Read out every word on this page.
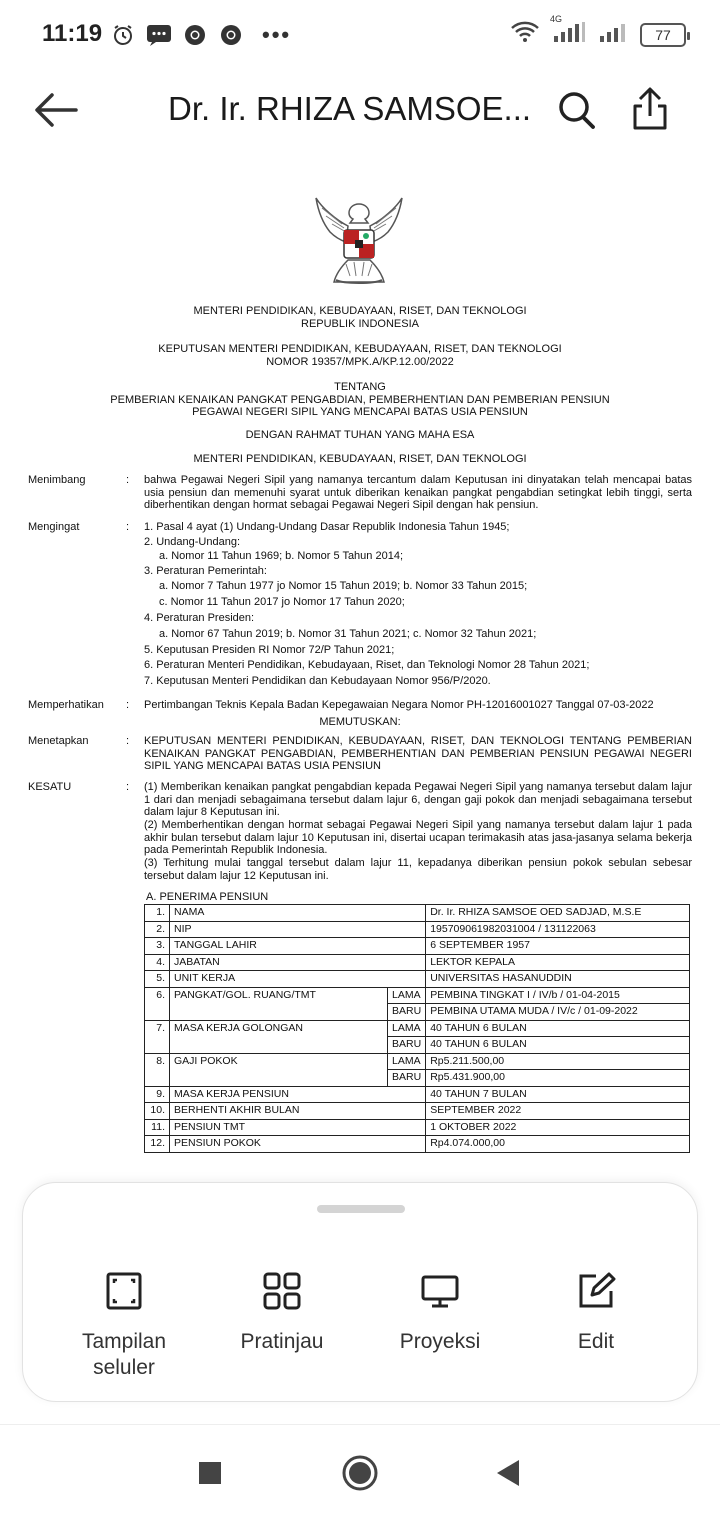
11:19	•••
4G
77
Dr. Ir. RHIZA SAMSOE...
MENTERI PENDIDIKAN, KEBUDAYAAN, RISET, DAN TEKNOLOGI
REPUBLIK INDONESIA
KEPUTUSAN MENTERI PENDIDIKAN, KEBUDAYAAN, RISET, DAN TEKNOLOGI
NOMOR 19357/MPK.A/KP.12.00/2022
TENTANG
PEMBERIAN KENAIKAN PANGKAT PENGABDIAN, PEMBERHENTIAN DAN PEMBERIAN PENSIUN
PEGAWAI NEGERI SIPIL YANG MENCAPAI BATAS USIA PENSIUN
DENGAN RAHMAT TUHAN YANG MAHA ESA
MENTERI PENDIDIKAN, KEBUDAYAAN, RISET, DAN TEKNOLOGI
Menimbang	: bahwa Pegawai Negeri Sipil yang namanya tercantum dalam Keputusan ini dinyatakan telah mencapai batas usia pensiun dan memenuhi syarat untuk diberikan kenaikan pangkat pengabdian setingkat lebih tinggi, serta diberhentikan dengan hormat sebagai Pegawai Negeri Sipil dengan hak pensiun.
Mengingat	: 1. Pasal 4 ayat (1) Undang-Undang Dasar Republik Indonesia Tahun 1945;
2. Undang-Undang:
a. Nomor 11 Tahun 1969; b. Nomor 5 Tahun 2014;
3. Peraturan Pemerintah:
a. Nomor 7 Tahun 1977 jo Nomor 15 Tahun 2019; b. Nomor 33 Tahun 2015;
c. Nomor 11 Tahun 2017 jo Nomor 17 Tahun 2020;
4. Peraturan Presiden:
a. Nomor 67 Tahun 2019; b. Nomor 31 Tahun 2021; c. Nomor 32 Tahun 2021;
5. Keputusan Presiden RI Nomor 72/P Tahun 2021;
6. Peraturan Menteri Pendidikan, Kebudayaan, Riset, dan Teknologi Nomor 28 Tahun 2021;
7. Keputusan Menteri Pendidikan dan Kebudayaan Nomor 956/P/2020.
Memperhatikan	: Pertimbangan Teknis Kepala Badan Kepegawaian Negara Nomor PH-12016001027 Tanggal 07-03-2022
MEMUTUSKAN:
Menetapkan	: KEPUTUSAN MENTERI PENDIDIKAN, KEBUDAYAAN, RISET, DAN TEKNOLOGI TENTANG PEMBERIAN KENAIKAN PANGKAT PENGABDIAN, PEMBERHENTIAN DAN PEMBERIAN PENSIUN PEGAWAI NEGERI SIPIL YANG MENCAPAI BATAS USIA PENSIUN
KESATU	: (1) Memberikan kenaikan pangkat pengabdian kepada Pegawai Negeri Sipil yang namanya tersebut dalam lajur 1 dari dan menjadi sebagaimana tersebut dalam lajur 6, dengan gaji pokok dan menjadi sebagaimana tersebut dalam lajur 8 Keputusan ini.
(2) Memberhentikan dengan hormat sebagai Pegawai Negeri Sipil yang namanya tersebut dalam lajur 1 pada akhir bulan tersebut dalam lajur 10 Keputusan ini, disertai ucapan terimakasih atas jasa-jasanya selama bekerja pada Pemerintah Republik Indonesia.
(3) Terhitung mulai tanggal tersebut dalam lajur 11, kepadanya diberikan pensiun pokok sebulan sebesar tersebut dalam lajur 12 Keputusan ini.
A. PENERIMA PENSIUN
1.	NAMA		Dr. Ir. RHIZA SAMSOE OED SADJAD, M.S.E
2.	NIP		195709061982031004 / 131122063
3.	TANGGAL LAHIR		6 SEPTEMBER 1957
4.	JABATAN		LEKTOR KEPALA
5.	UNIT KERJA		UNIVERSITAS HASANUDDIN
6.	PANGKAT/GOL. RUANG/TMT	LAMA	PEMBINA TINGKAT I / IV/b / 01-04-2015
		BARU	PEMBINA UTAMA MUDA / IV/c / 01-09-2022
7.	MASA KERJA GOLONGAN	LAMA	40 TAHUN 6 BULAN
		BARU	40 TAHUN 6 BULAN
8.	GAJI POKOK	LAMA	Rp5.211.500,00
		BARU	Rp5.431.900,00
9.	MASA KERJA PENSIUN		40 TAHUN 7 BULAN
10.	BERHENTI AKHIR BULAN		SEPTEMBER 2022
11.	PENSIUN TMT		1 OKTOBER 2022
12.	PENSIUN POKOK		Rp4.074.000,00
Tampilan seluler
Pratinjau	Proyeksi	Edit
